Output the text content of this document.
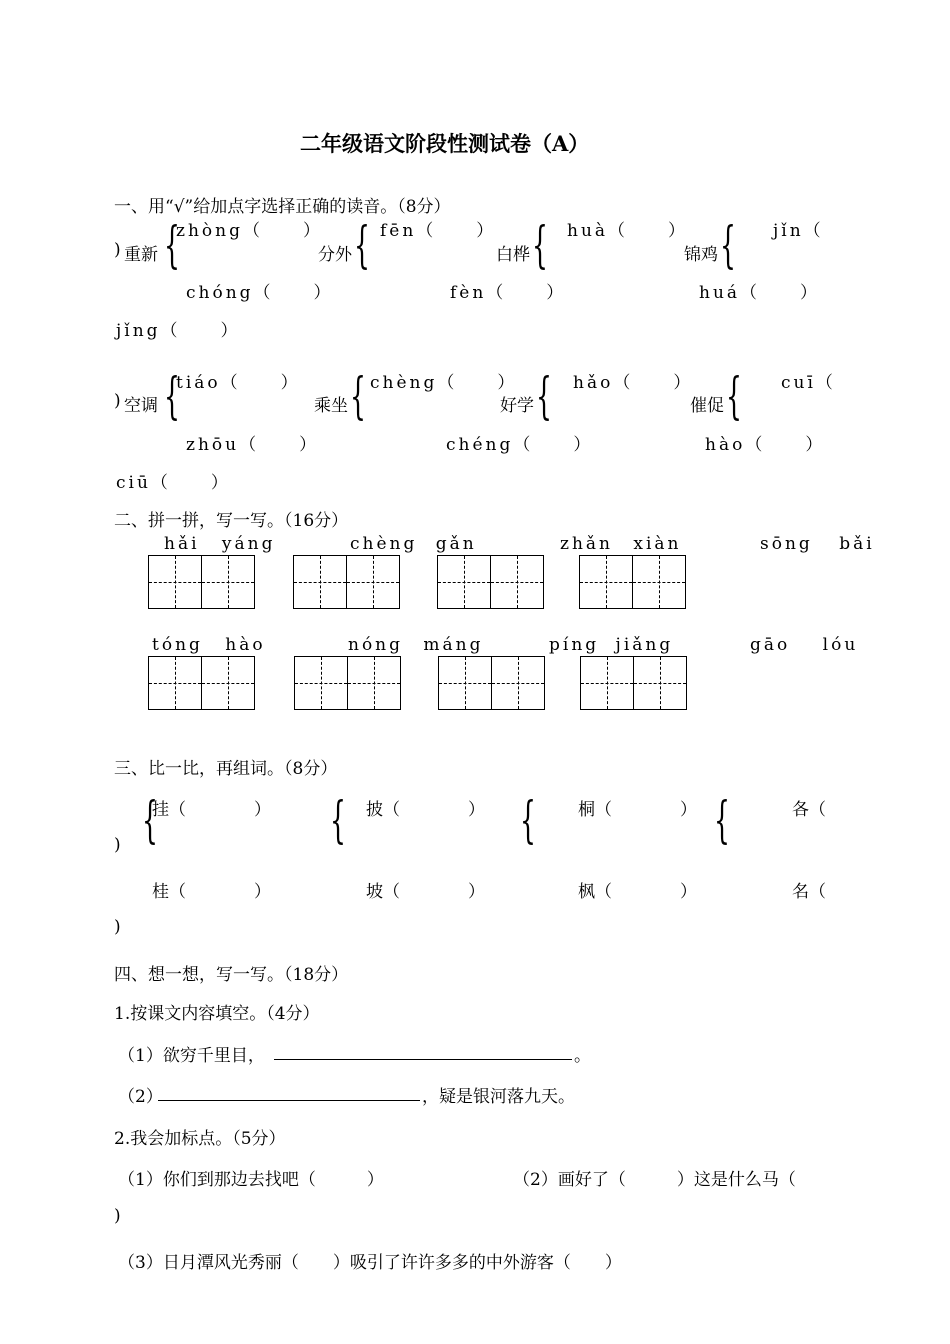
二年级语文阶段性测试卷（A）
一、用“√”给加点字选择正确的读音。（8分）
zhòng（　　）	fēn（　　）	huà（　　）	jǐn（
) 重新 {	分外 {	白桦 {	锦鸡 {
chóng（　　）	fèn（　　）	huá（　　）
jǐng（　　）
tiáo（　　）	chèng（　　）	hǎo（　　）	cuī（
) 空调 {	乘坐 {	好学 {	催促 {
zhōu（　　）	chéng（　　）	hào（　　）
ciū（　　）
二、拼一拼，写一写。（16分）
hǎi yáng	chèng gǎn	zhǎn xiàn	sōng bǎi
tóng hào	nóng máng	píng jiǎng	gāo lóu
三、比一比，再组词。（8分）
{
挂（　　　　） { 披（　　　　） { 桐（　　　　） {	各（
)
桂（　　　　）	坡（　　　　）	枫（　　　　）	名（
)
四、想一想，写一写。（18分）
1.按课文内容填空。（4分）
（1）欲穷千里目，	。
（2）	，疑是银河落九天。
2.我会加标点。（5分）
（1）你们到那边去找吧（　　　）	（2）画好了（　　　）这是什么马（
)
（3）日月潭风光秀丽（　　）吸引了许许多多的中外游客（　　）
